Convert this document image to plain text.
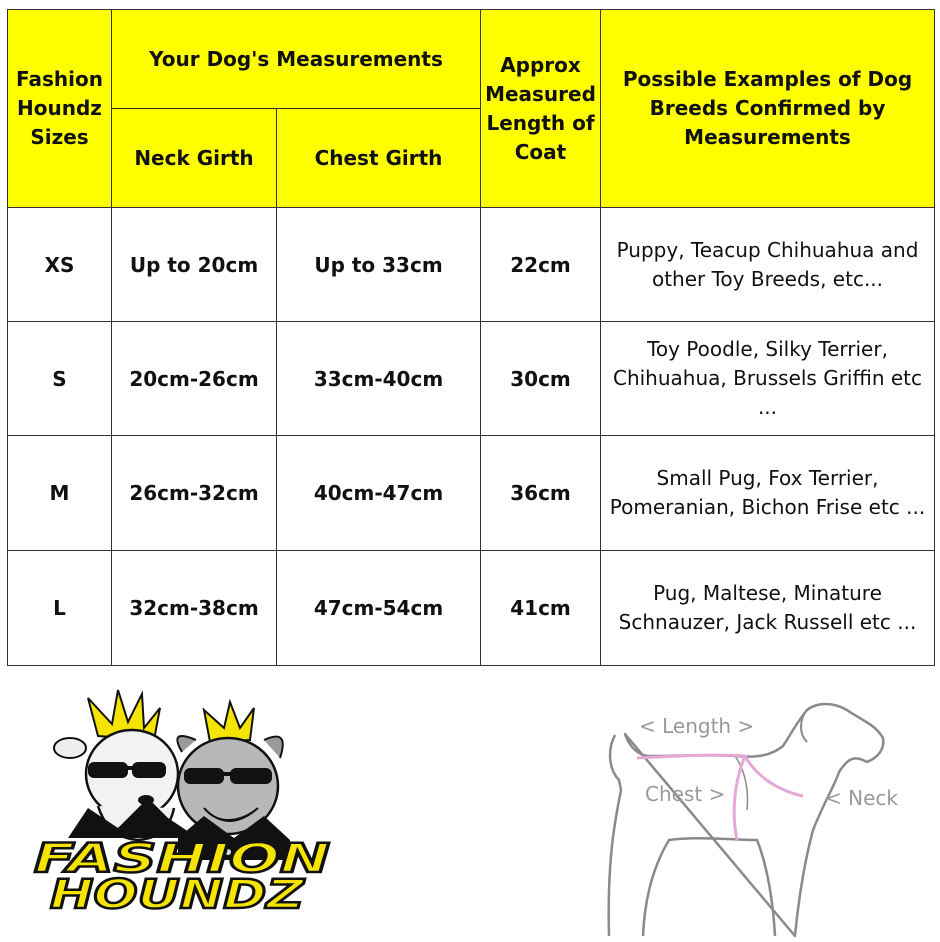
Fashion Houndz Sizes	Your Dog's Measurements		Approx Measured Length of Coat	Possible Examples of Dog Breeds Confirmed by Measurements
	Neck Girth	Chest Girth		
XS	Up to 20cm	Up to 33cm	22cm	Puppy, Teacup Chihuahua and other Toy Breeds, etc...
S	20cm-26cm	33cm-40cm	30cm	Toy Poodle, Silky Terrier, Chihuahua, Brussels Griffin etc ...
M	26cm-32cm	40cm-47cm	36cm	Small Pug, Fox Terrier, Pomeranian, Bichon Frise etc ...
L	32cm-38cm	47cm-54cm	41cm	Pug, Maltese, Minature Schnauzer, Jack Russell etc ...
FASHION
HOUNDZ
< Length >
Chest >	< Neck
